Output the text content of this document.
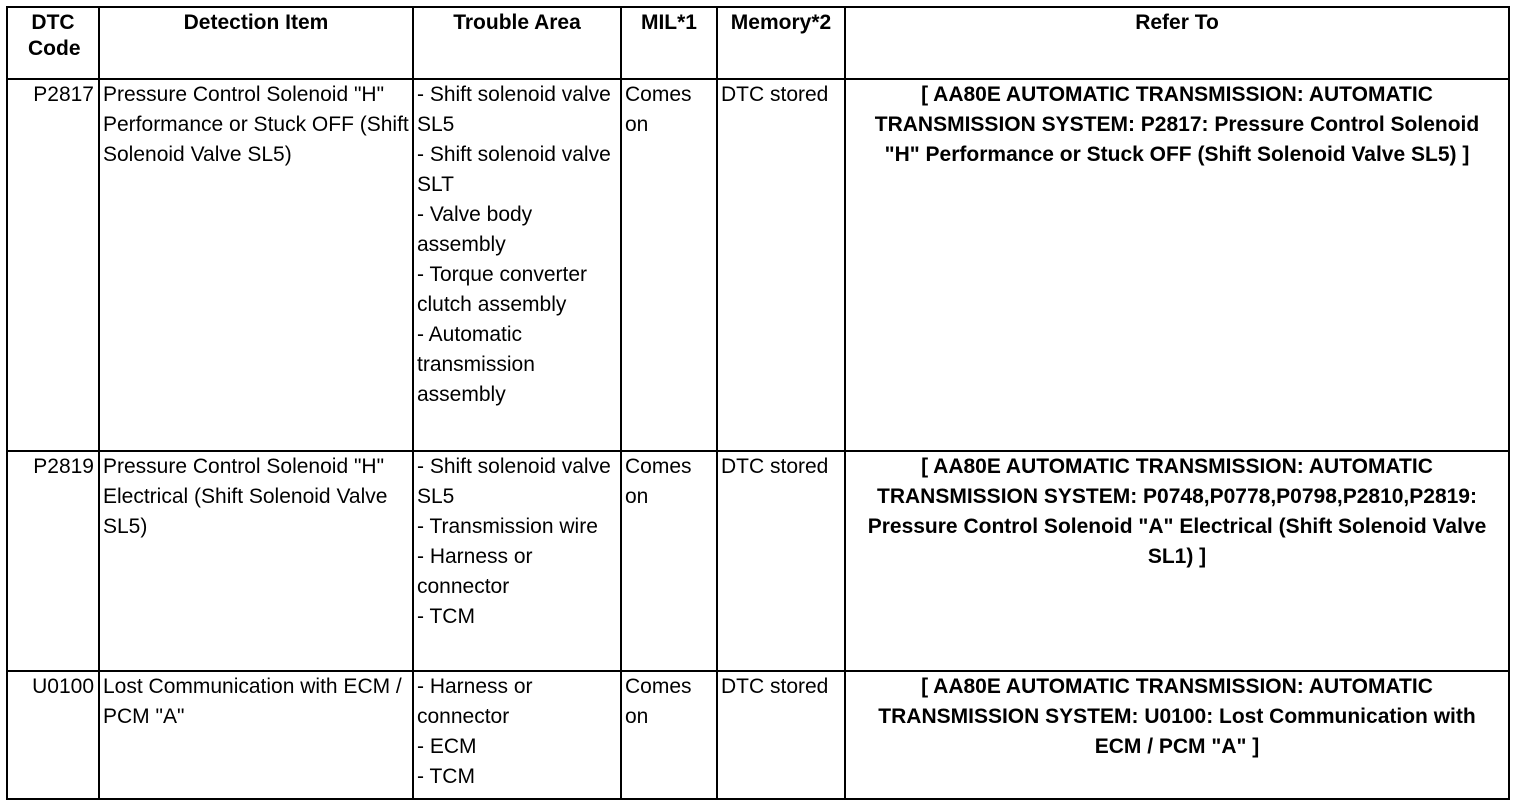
DTC Code	Detection Item	Trouble Area	MIL*1	Memory*2	Refer To
P2817	Pressure Control Solenoid "H" Performance or Stuck OFF (Shift Solenoid Valve SL5)	- Shift solenoid valve SL5
- Shift solenoid valve SLT
- Valve body assembly
- Torque converter clutch assembly
- Automatic transmission assembly	Comes on	DTC stored	[ AA80E AUTOMATIC TRANSMISSION: AUTOMATIC TRANSMISSION SYSTEM: P2817: Pressure Control Solenoid "H" Performance or Stuck OFF (Shift Solenoid Valve SL5) ]
P2819	Pressure Control Solenoid "H" Electrical (Shift Solenoid Valve SL5)	- Shift solenoid valve SL5
- Transmission wire
- Harness or connector
- TCM	Comes on	DTC stored	[ AA80E AUTOMATIC TRANSMISSION: AUTOMATIC TRANSMISSION SYSTEM: P0748,P0778,P0798,P2810,P2819: Pressure Control Solenoid "A" Electrical (Shift Solenoid Valve SL1) ]
U0100	Lost Communication with ECM / PCM "A"	- Harness or connector
- ECM
- TCM	Comes on	DTC stored	[ AA80E AUTOMATIC TRANSMISSION: AUTOMATIC TRANSMISSION SYSTEM: U0100: Lost Communication with ECM / PCM "A" ]
